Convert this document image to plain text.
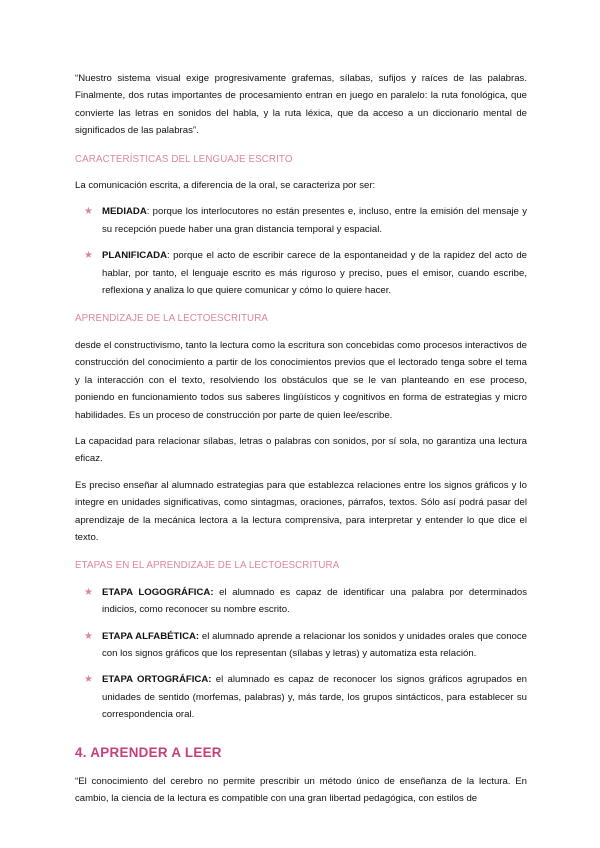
“Nuestro sistema visual exige progresivamente grafemas, sílabas, sufijos y raíces de las palabras. Finalmente, dos rutas importantes de procesamiento entran en juego en paralelo: la ruta fonológica, que convierte las letras en sonidos del habla, y la ruta léxica, que da acceso a un diccionario mental de significados de las palabras”.

CARACTERÍSTICAS DEL LENGUAJE ESCRITO

La comunicación escrita, a diferencia de la oral, se caracteriza por ser:

★ MEDIADA: porque los interlocutores no están presentes e, incluso, entre la emisión del mensaje y su recepción puede haber una gran distancia temporal y espacial.
★ PLANIFICADA: porque el acto de escribir carece de la espontaneidad y de la rapidez del acto de hablar, por tanto, el lenguaje escrito es más riguroso y preciso, pues el emisor, cuando escribe, reflexiona y analiza lo que quiere comunicar y cómo lo quiere hacer.

APRENDIZAJE DE LA LECTOESCRITURA

desde el constructivismo, tanto la lectura como la escritura son concebidas como procesos interactivos de construcción del conocimiento a partir de los conocimientos previos que el lectorado tenga sobre el tema y la interacción con el texto, resolviendo los obstáculos que se le van planteando en ese proceso, poniendo en funcionamiento todos sus saberes lingüísticos y cognitivos en forma de estrategias y micro habilidades. Es un proceso de construcción por parte de quien lee/escribe.

La capacidad para relacionar sílabas, letras o palabras con sonidos, por sí sola, no garantiza una lectura eficaz.

Es preciso enseñar al alumnado estrategias para que establezca relaciones entre los signos gráficos y lo integre en unidades significativas, como sintagmas, oraciones, párrafos, textos. Sólo así podrá pasar del aprendizaje de la mecánica lectora a la lectura comprensiva, para interpretar y entender lo que dice el texto.

ETAPAS EN EL APRENDIZAJE DE LA LECTOESCRITURA

★ ETAPA LOGOGRÁFICA: el alumnado es capaz de identificar una palabra por determinados indicios, como reconocer su nombre escrito.
★ ETAPA ALFABÉTICA: el alumnado aprende a relacionar los sonidos y unidades orales que conoce con los signos gráficos que los representan (sílabas y letras) y automatiza esta relación.
★ ETAPA ORTOGRÁFICA: el alumnado es capaz de reconocer los signos gráficos agrupados en unidades de sentido (morfemas, palabras) y, más tarde, los grupos sintácticos, para establecer su correspondencia oral.

4. APRENDER A LEER

“El conocimiento del cerebro no permite prescribir un método único de enseñanza de la lectura. En cambio, la ciencia de la lectura es compatible con una gran libertad pedagógica, con estilos de
